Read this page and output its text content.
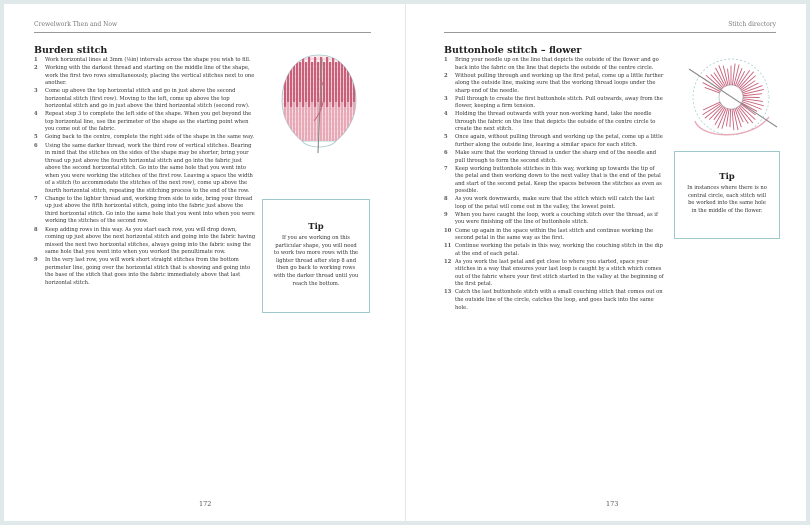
Crewelwork Then and Now
Burden stitch
1 Work horizontal lines at 3mm (⅛in) intervals across the shape you wish to fill.
2 Working with the darkest thread and starting on the middle line of the shape, work the first two rows simultaneously, placing the vertical stitches next to one another.
3 Come up above the top horizontal stitch and go in just above the second horizontal stitch (first row). Moving to the left, come up above the top horizontal stitch and go in just above the third horizontal stitch (second row).
4 Repeat step 3 to complete the left side of the shape. When you get beyond the top horizontal line, use the perimeter of the shape as the starting point when you come out of the fabric.
5 Going back to the centre, complete the right side of the shape in the same way.
6 Using the same darker thread, work the third row of vertical stitches. Bearing in mind that the stitches on the sides of the shape may be shorter, bring your thread up just above the fourth horizontal stitch and go into the fabric just above the second horizontal stitch. Go into the same hole that you went into when you were working the stitches of the first row. Leaving a space the width of a stitch (to accommodate the stitches of the next row), come up above the fourth horizontal stitch, repeating the stitching process to the end of the row.
7 Change to the lighter thread and, working from side to side, bring your thread up just above the fifth horizontal stitch, going into the fabric just above the third horizontal stitch. Go into the same hole that you went into when you were working the stitches of the second row.
8 Keep adding rows in this way. As you start each row, you will drop down, coming up just above the next horizontal stitch and going into the fabric having missed the next two horizontal stitches, always going into the fabric using the same hole that you went into when you worked the penultimate row.
9 In the very last row, you will work short straight stitches from the bottom perimeter line, going over the horizontal stitch that is showing and going into the base of the stitch that goes into the fabric immediately above that last horizontal stitch.
Tip
If you are working on this particular shape, you will need to work two more rows with the lighter thread after step 8 and then go back to working rows with the darker thread until you reach the bottom.
172
Stitch directory
Buttonhole stitch – flower
1 Bring your needle up on the line that depicts the outside of the flower and go back into the fabric on the line that depicts the outside of the centre circle.
2 Without pulling through and working up the first petal, come up a little further along the outside line, making sure that the working thread loops under the sharp end of the needle.
3 Pull through to create the first buttonhole stitch. Pull outwards, away from the flower, keeping a firm tension.
4 Holding the thread outwards with your non-working hand, take the needle through the fabric on the line that depicts the outside of the centre circle to create the next stitch.
5 Once again, without pulling through and working up the petal, come up a little further along the outside line, leaving a similar space for each stitch.
6 Make sure that the working thread is under the sharp end of the needle and pull through to form the second stitch.
7 Keep working buttonhole stitches in this way, working up towards the tip of the petal and then working down to the next valley that is the end of the petal and start of the second petal. Keep the spaces between the stitches as even as possible.
8 As you work downwards, make sure that the stitch which will catch the last loop of the petal will come out in the valley, the lowest point.
9 When you have caught the loop, work a couching stitch over the thread, as if you were finishing off the line of buttonhole stitch.
10 Come up again in the space within the last stitch and continue working the second petal in the same way as the first.
11 Continue working the petals in this way, working the couching stitch in the dip at the end of each petal.
12 As you work the last petal and get close to where you started, space your stitches in a way that ensures your last loop is caught by a stitch which comes out of the fabric where your first stitch started in the valley at the beginning of the first petal.
13 Catch the last buttonhole stitch with a small couching stitch that comes out on the outside line of the circle, catches the loop, and goes back into the same hole.
Tip
In instances where there is no central circle, each stitch will be worked into the same hole in the middle of the flower.
173
